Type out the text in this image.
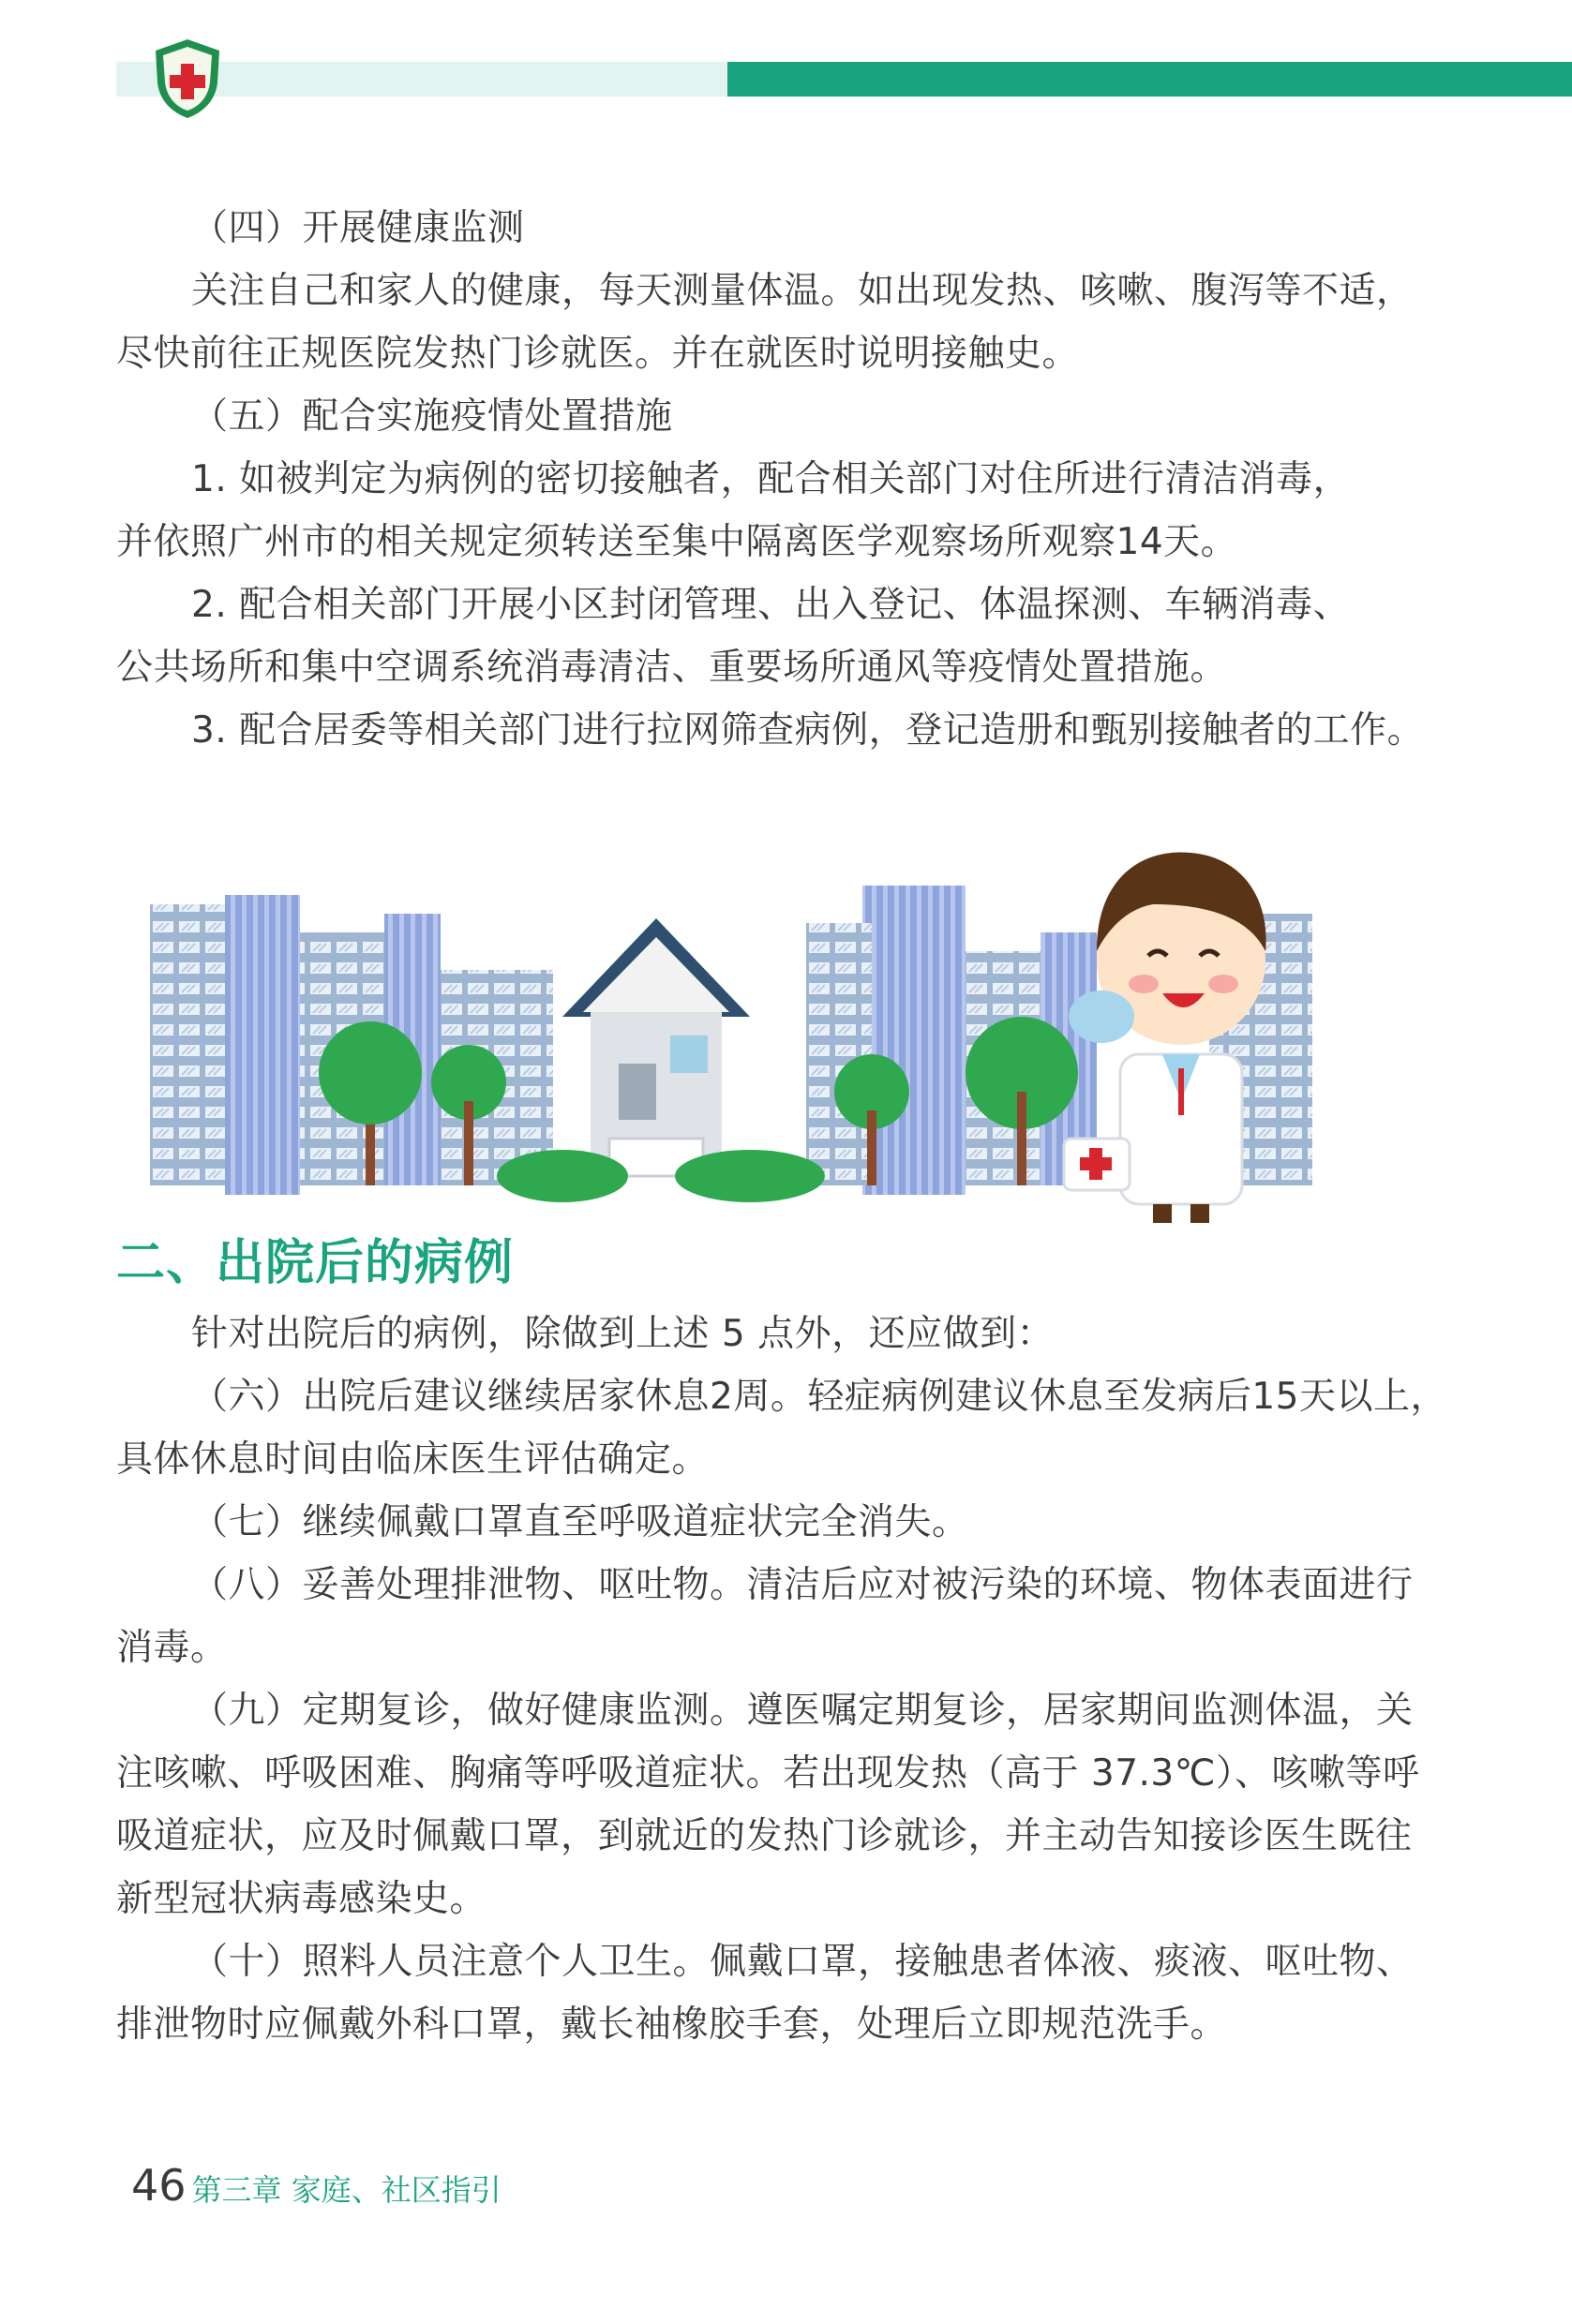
（四）开展健康监测
关注自己和家人的健康，每天测量体温。如出现发热、咳嗽、腹泻等不适，
尽快前往正规医院发热门诊就医。并在就医时说明接触史。
（五）配合实施疫情处置措施
1. 如被判定为病例的密切接触者，配合相关部门对住所进行清洁消毒，
并依照广州市的相关规定须转送至集中隔离医学观察场所观察14天。
2. 配合相关部门开展小区封闭管理、出入登记、体温探测、车辆消毒、
公共场所和集中空调系统消毒清洁、重要场所通风等疫情处置措施。
3. 配合居委等相关部门进行拉网筛查病例，登记造册和甄别接触者的工作。
二、出院后的病例
针对出院后的病例，除做到上述 5 点外，还应做到：
（六）出院后建议继续居家休息2周。轻症病例建议休息至发病后15天以上，
具体休息时间由临床医生评估确定。
（七）继续佩戴口罩直至呼吸道症状完全消失。
（八）妥善处理排泄物、呕吐物。清洁后应对被污染的环境、物体表面进行
消毒。
（九）定期复诊，做好健康监测。遵医嘱定期复诊，居家期间监测体温，关
注咳嗽、呼吸困难、胸痛等呼吸道症状。若出现发热（高于 37.3℃）、咳嗽等呼
吸道症状，应及时佩戴口罩，到就近的发热门诊就诊，并主动告知接诊医生既往
新型冠状病毒感染史。
（十）照料人员注意个人卫生。佩戴口罩，接触患者体液、痰液、呕吐物、
排泄物时应佩戴外科口罩，戴长袖橡胶手套，处理后立即规范洗手。
46 第三章 家庭、社区指引
